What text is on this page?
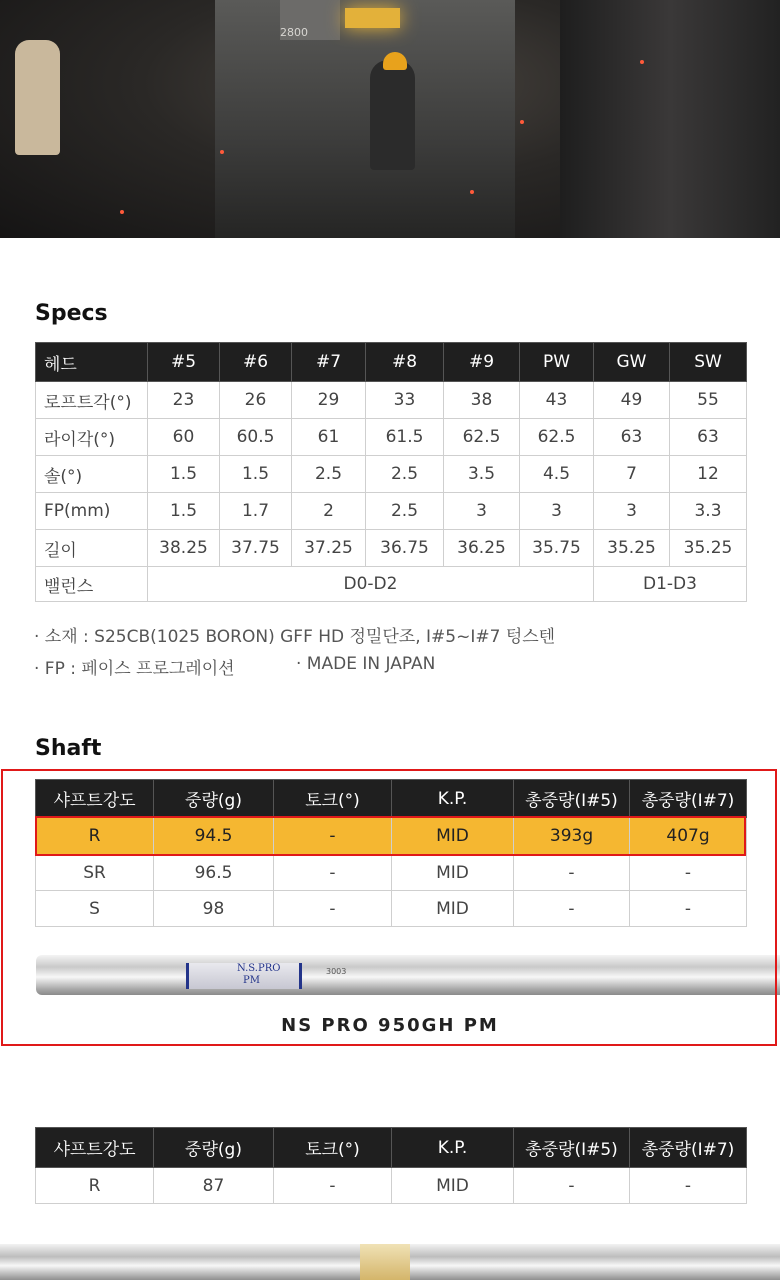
2800
Specs
헤드	#5	#6	#7	#8	#9	PW	GW	SW
로프트각(°)	23	26	29	33	38	43	49	55
라이각(°)	60	60.5	61	61.5	62.5	62.5	63	63
솔(°)	1.5	1.5	2.5	2.5	3.5	4.5	7	12
FP(mm)	1.5	1.7	2	2.5	3	3	3	3.3
길이	38.25	37.75	37.25	36.75	36.25	35.75	35.25	35.25
밸런스	D0-D2						D1-D3	
· 소재 : S25CB(1025 BORON) GFF HD 정밀단조, I#5~I#7 텅스텐
· FP : 페이스 프로그레이션	· MADE IN JAPAN
Shaft
샤프트강도	중량(g)	토크(°)	K.P.	총중량(I#5)	총중량(I#7)
R	94.5	-	MID	393g	407g
SR	96.5	-	MID	-	-
S	98	-	MID	-	-
N.S.PRO
PM
3003
NS PRO 950GH PM
샤프트강도	중량(g)	토크(°)	K.P.	총중량(I#5)	총중량(I#7)
R	87	-	MID	-	-
